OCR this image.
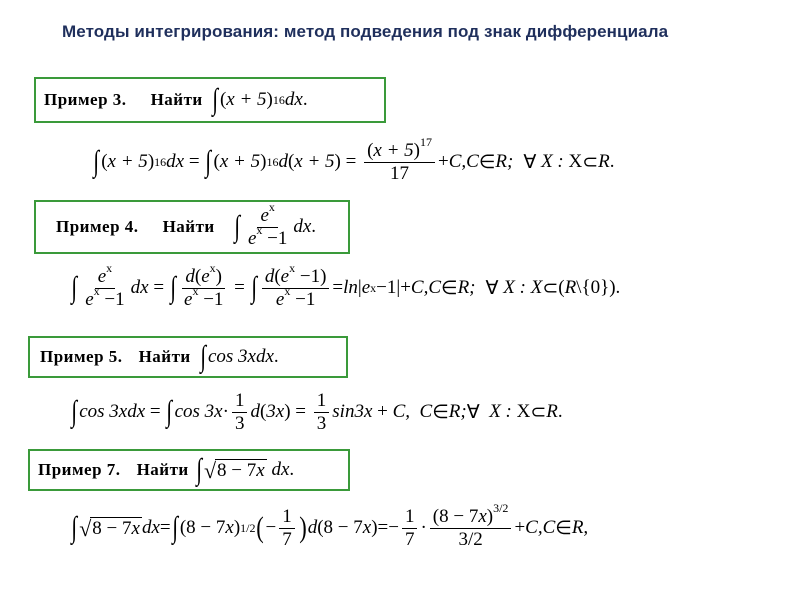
Методы интегрирования: метод подведения под знак дифференциала
Пример 3. Найти ∫ ( x + 5 ) 16 dx .
∫ ( x + 5 ) 16 dx = ∫ ( x + 5 ) 16 d ( x + 5 ) = $\frac{(x + 5)^{17}}{17} + C,C$ ∈ R; ∀ X : X ⊂ R .
Пример 4. Найти ∫ $\frac{e^x}{e^x -1}$ dx .
∫ $\frac{e^x}{e^x -1}$ dx = ∫ $\frac{d(e^x)}{e^x -1}$ = ∫ $\frac{d(e^x -1)}{e^x -1} = \ln$ | e x −1| + C,C ∈ R; ∀ X : X ⊂ ( R \{0}).
Пример 5. Найти ∫ cos 3xdx .
∫ cos 3xdx = ∫ $\cos 3x \cdot \frac{1}{3}$ d ( 3x ) = $\frac{1}{3} \sin 3x + C$,  C ∈ R; ∀ X : X ⊂ R .
Пример 7. Найти ∫ √ 8 − 7x dx .
∫ √ 8 − 7x dx = ∫ (8 − 7 x ) 1/2 ( − $\frac{1}{7}$ ) d (8 − 7 x ) =− $\frac{1}{7} \cdot \frac{(8 - 7x)^{3/2}}{3/2} + C,C$ ∈ R,
